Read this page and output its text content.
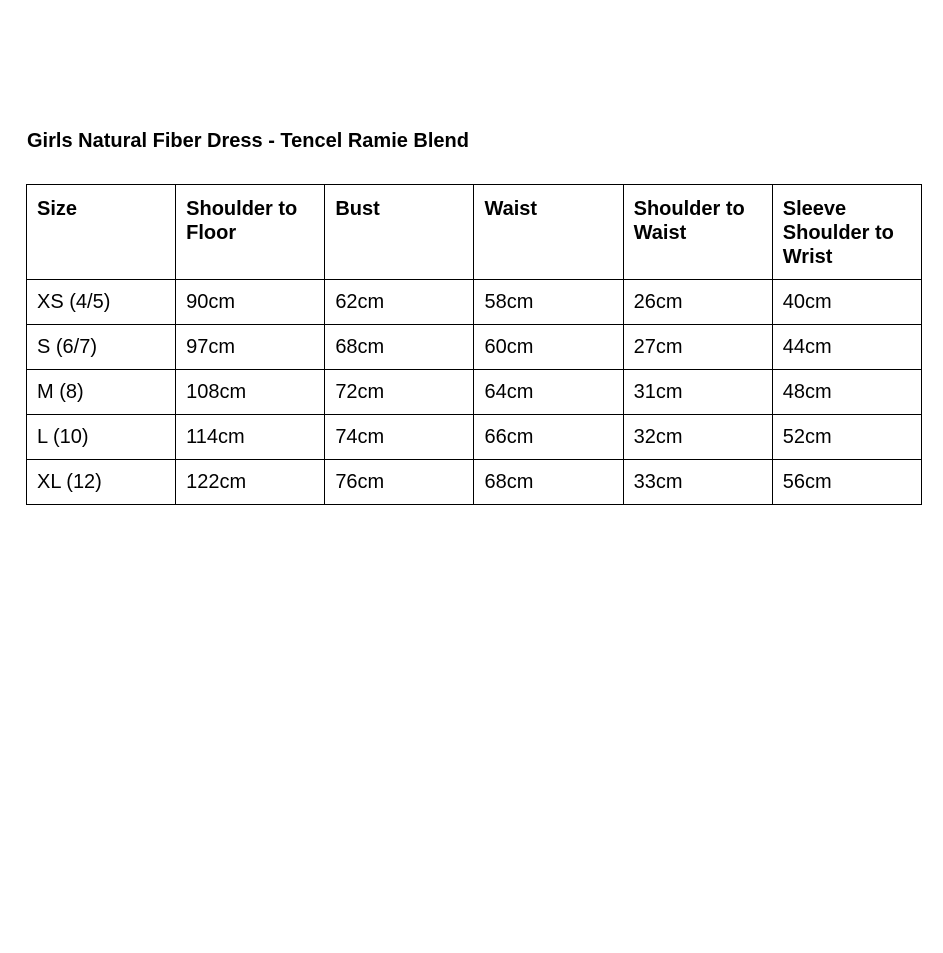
Girls Natural Fiber Dress - Tencel Ramie Blend
Size	Shoulder to Floor	Bust	Waist	Shoulder to Waist	Sleeve Shoulder to Wrist
XS (4/5)	90cm	62cm	58cm	26cm	40cm
S (6/7)	97cm	68cm	60cm	27cm	44cm
M (8)	108cm	72cm	64cm	31cm	48cm
L (10)	114cm	74cm	66cm	32cm	52cm
XL (12)	122cm	76cm	68cm	33cm	56cm
